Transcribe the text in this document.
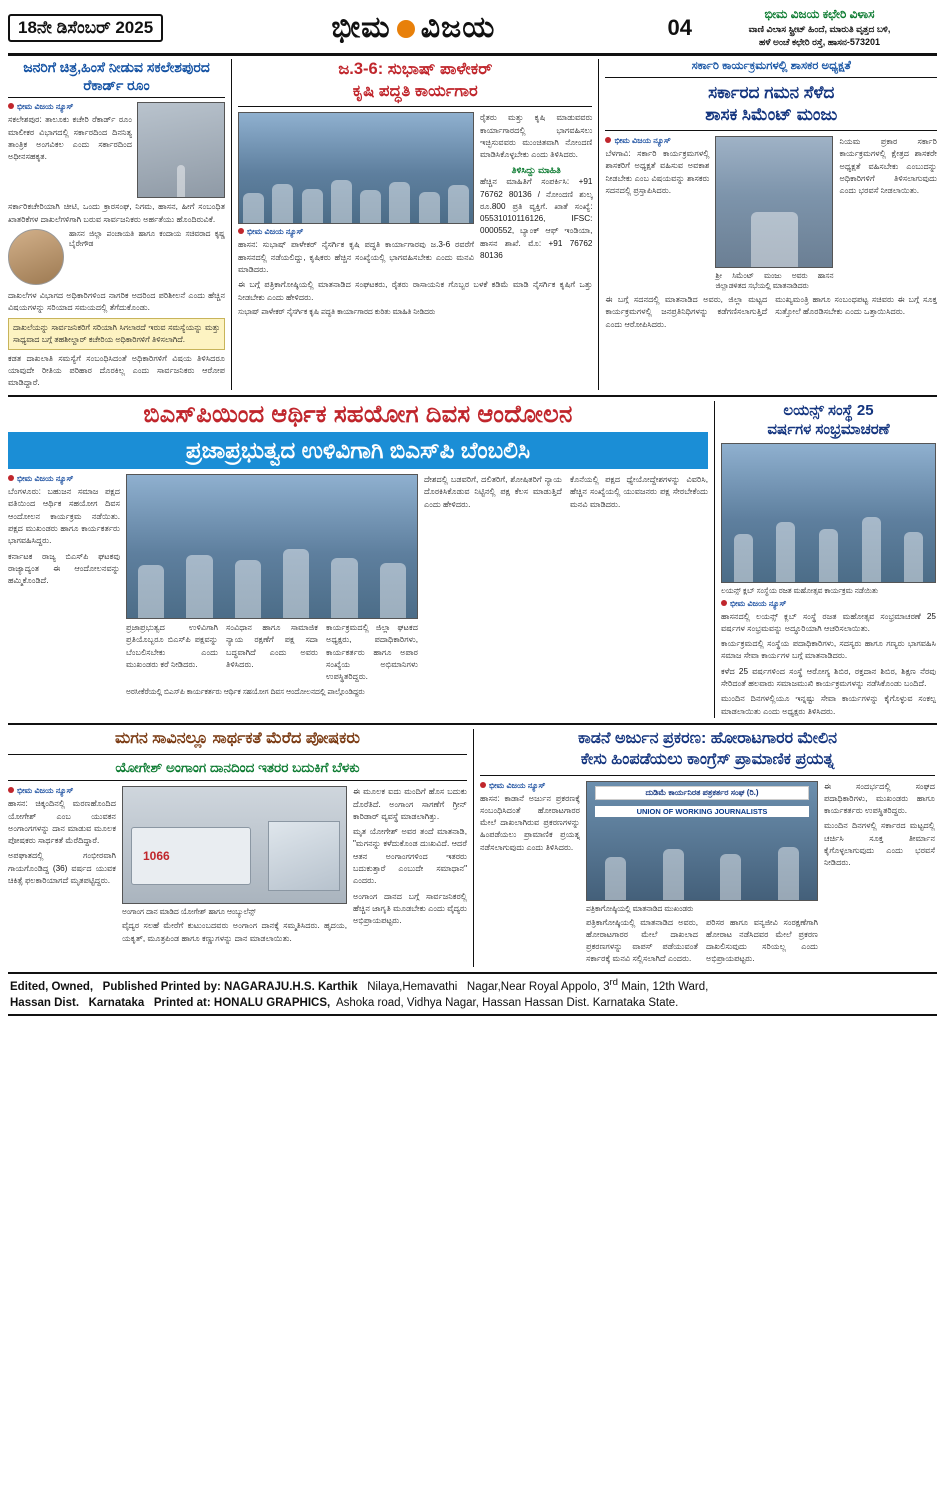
18ನೇ ಡಿಸೆಂಬರ್ 2025	ಭೀಮ ವಿಜಯ	04
ಭೀಮ ವಿಜಯ ಕಛೇರಿ ವಿಳಾಸ
ವಾಣಿ ವಿಲಾಸ ಸ್ಟ್ರೀಟ್ ಹಿಂದೆ, ಮಾರುತಿ ವೃತ್ತದ ಬಳಿ,
ಹಳೆ ಅಂಚೆ ಕಛೇರಿ ರಸ್ತೆ, ಹಾಸನ-573201
ಜನರಿಗೆ ಚಿತ್ರ,ಹಿಂಸೆ ನೀಡುವ ಸಕಲೇಶಪುರದ ರೆಕಾರ್ಡ್ ರೂಂ
ಭೀಮ ವಿಜಯ ನ್ಯೂಸ್
ಸಕಲೇಶಪುರ: ತಾಲೂಕು ಕಚೇರಿ ರೆಕಾರ್ಡ್ ರೂಂ ಮಾಲೀಕರ ವಿಭಾಗದಲ್ಲಿ ಸರ್ಕಾರದಿಂದ ದಿನನಿತ್ಯ ತಾಂತ್ರಿಕ ಅಂಗವಿಕಲ ಎಂದು ಸರ್ಕಾರದಿಂದ ಅಧೀನಸಹಕೃತ.
ಸರ್ಕಾರಿಕಚೇರಿಯಾಗಿ ಚೀಟಿ, ಒಂದು ಕ್ರಾರಸಂಘ, ನಿಗಮ, ಹಾಸನ, ಹೀಗೆ ಸಂಬಂಧಿತ ಖಾತರಿಕೆಗಳ ದಾಖಲೆಗಳಿಗಾಗಿ ಬರುವ ಸಾರ್ವಜನಿಕರು ಅರ್ಹತೆಯು ಹೊಂದಿರುವಿಕೆ.
ಹಾಸನ ಜಿಲ್ಲಾ ಪಂಚಾಯತಿ ಹಾಗೂ ಕಂದಾಯ ಸಚಿವರಾದ ಕೃಷ್ಣ ಬೈರೇಗೌಡ
ದಾಖಲೆಗಳ ವಿಭಾಗದ ಅಧಿಕಾರಿಗಳಿಂದ ನಾಗರಿಕ ಅದರಿಂದ ಪರಿಶೀಲನೆ ಎಂದು ಹೆಚ್ಚಿನ ವಿಷಯಗಳನ್ನು ಸರಿಯಾದ ಸಮಯದಲ್ಲಿ ತೆಗೆದುಕೊಂಡು.
ದಾಖಲೆಯನ್ನು ಸಾರ್ವಜನಿಕರಿಗೆ ಸರಿಯಾಗಿ ಸಿಗಲಾರದೆ ಇರುವ ಸಮಸ್ಯೆಯನ್ನು ಮತ್ತು ಸಾಧ್ಯವಾದ ಬಗ್ಗೆ ತಹಶೀಲ್ದಾರ್ ಕಚೇರಿಯ ಅಧಿಕಾರಿಗಳಿಗೆ ತಿಳಿಸಲಾಗಿದೆ.
ಕಡತ ದಾಖಲಾತಿ ಸಮಸ್ಯೆಗೆ ಸಂಬಂಧಿಸಿದಂತೆ ಅಧಿಕಾರಿಗಳಿಗೆ ವಿಷಯ ತಿಳಿಸಿದರೂ ಯಾವುದೇ ರೀತಿಯ ಪರಿಹಾರ ದೊರಕಿಲ್ಲ ಎಂದು ಸಾರ್ವಜನಿಕರು ಆರೋಪ ಮಾಡಿದ್ದಾರೆ.
ಜ.3-6: ಸುಭಾಷ್ ಪಾಳೇಕರ್
ಕೃಷಿ ಪದ್ಧತಿ ಕಾರ್ಯಗಾರ
ಭೀಮ ವಿಜಯ ನ್ಯೂಸ್
ಹಾಸನ: ಸುಭಾಷ್ ಪಾಳೇಕರ್ ನೈಸರ್ಗಿಕ ಕೃಷಿ ಪದ್ಧತಿ ಕಾರ್ಯಾಗಾರವು ಜ.3-6 ರವರೆಗೆ ಹಾಸನದಲ್ಲಿ ನಡೆಯಲಿದ್ದು, ಕೃಷಿಕರು ಹೆಚ್ಚಿನ ಸಂಖ್ಯೆಯಲ್ಲಿ ಭಾಗವಹಿಸಬೇಕು ಎಂದು ಮನವಿ ಮಾಡಿದರು.
ರೈತರು ಮತ್ತು ಕೃಷಿ ಮಾಡುವವರು ಕಾರ್ಯಾಗಾರದಲ್ಲಿ ಭಾಗವಹಿಸಲು ಇಚ್ಛಿಸುವವರು ಮುಂಚಿತವಾಗಿ ನೋಂದಣಿ ಮಾಡಿಸಿಕೊಳ್ಳಬೇಕು ಎಂದು ತಿಳಿಸಿದರು.
ತಿಳಿಸಿದ್ದು ಮಾಹಿತಿ
ಹೆಚ್ಚಿನ ಮಾಹಿತಿಗೆ ಸಂಪರ್ಕಿಸಿ: +91 76762 80136 / ನೋಂದಣಿ ಶುಲ್ಕ ರೂ.800 ಪ್ರತಿ ವ್ಯಕ್ತಿಗೆ. ಖಾತೆ ಸಂಖ್ಯೆ: 05531010116126, IFSC: 0000552, ಬ್ಯಾಂಕ್ ಆಫ್ ಇಂಡಿಯಾ, ಹಾಸನ ಶಾಖೆ. ಮೊ: +91 76762 80136
ಈ ಬಗ್ಗೆ ಪತ್ರಿಕಾಗೋಷ್ಠಿಯಲ್ಲಿ ಮಾತನಾಡಿದ ಸಂಘಟಕರು, ರೈತರು ರಾಸಾಯನಿಕ ಗೊಬ್ಬರ ಬಳಕೆ ಕಡಿಮೆ ಮಾಡಿ ನೈಸರ್ಗಿಕ ಕೃಷಿಗೆ ಒತ್ತು ನೀಡಬೇಕು ಎಂದು ಹೇಳಿದರು.
ಸುಭಾಷ್ ಪಾಳೇಕರ್ ನೈಸರ್ಗಿಕ ಕೃಷಿ ಪದ್ಧತಿ ಕಾರ್ಯಾಗಾರದ ಕುರಿತು ಮಾಹಿತಿ ನೀಡಿದರು
ಸರ್ಕಾರಿ ಕಾರ್ಯಕ್ರಮಗಳಲ್ಲಿ ಶಾಸಕರ ಅಧ್ಯಕ್ಷತೆ
ಸರ್ಕಾರದ ಗಮನ ಸೆಳೆದ
ಶಾಸಕ ಸಿಮೆಂಟ್ ಮಂಜು
ಭೀಮ ವಿಜಯ ನ್ಯೂಸ್
ಬೆಳಗಾವಿ: ಸರ್ಕಾರಿ ಕಾರ್ಯಕ್ರಮಗಳಲ್ಲಿ ಶಾಸಕರಿಗೆ ಅಧ್ಯಕ್ಷತೆ ವಹಿಸುವ ಅವಕಾಶ ನೀಡಬೇಕು ಎಂಬ ವಿಷಯವನ್ನು ಶಾಸಕರು ಸದನದಲ್ಲಿ ಪ್ರಸ್ತಾಪಿಸಿದರು.
ಶ್ರೀ ಸಿಮೆಂಟ್ ಮಂಜು ಅವರು ಹಾಸನ ಜಿಲ್ಲಾಡಳಿತದ ಸಭೆಯಲ್ಲಿ ಮಾತನಾಡಿದರು
ನಿಯಮ ಪ್ರಕಾರ ಸರ್ಕಾರಿ ಕಾರ್ಯಕ್ರಮಗಳಲ್ಲಿ ಕ್ಷೇತ್ರದ ಶಾಸಕರೇ ಅಧ್ಯಕ್ಷತೆ ವಹಿಸಬೇಕು ಎಂಬುದನ್ನು ಅಧಿಕಾರಿಗಳಿಗೆ ತಿಳಿಸಲಾಗುವುದು ಎಂದು ಭರವಸೆ ನೀಡಲಾಯಿತು.
ಈ ಬಗ್ಗೆ ಸದನದಲ್ಲಿ ಮಾತನಾಡಿದ ಅವರು, ಜಿಲ್ಲಾ ಮಟ್ಟದ ಕಾರ್ಯಕ್ರಮಗಳಲ್ಲಿ ಜನಪ್ರತಿನಿಧಿಗಳನ್ನು ಕಡೆಗಣಿಸಲಾಗುತ್ತಿದೆ ಎಂದು ಆರೋಪಿಸಿದರು.
ಮುಖ್ಯಮಂತ್ರಿ ಹಾಗೂ ಸಂಬಂಧಪಟ್ಟ ಸಚಿವರು ಈ ಬಗ್ಗೆ ಸೂಕ್ತ ಸುತ್ತೋಲೆ ಹೊರಡಿಸಬೇಕು ಎಂದು ಒತ್ತಾಯಿಸಿದರು.
ಬಿಎಸ್‌ಪಿಯಿಂದ ಆರ್ಥಿಕ ಸಹಯೋಗ ದಿವಸ ಆಂದೋಲನ
ಪ್ರಜಾಪ್ರಭುತ್ವದ ಉಳಿವಿಗಾಗಿ ಬಿಎಸ್‌ಪಿ ಬೆಂಬಲಿಸಿ
ಭೀಮ ವಿಜಯ ನ್ಯೂಸ್
ಬೆಂಗಳೂರು: ಬಹುಜನ ಸಮಾಜ ಪಕ್ಷದ ವತಿಯಿಂದ ಆರ್ಥಿಕ ಸಹಯೋಗ ದಿವಸ ಆಂದೋಲನ ಕಾರ್ಯಕ್ರಮ ನಡೆಯಿತು. ಪಕ್ಷದ ಮುಖಂಡರು ಹಾಗೂ ಕಾರ್ಯಕರ್ತರು ಭಾಗವಹಿಸಿದ್ದರು.
ಕರ್ನಾಟಕ ರಾಜ್ಯ ಬಿಎಸ್‌ಪಿ ಘಟಕವು ರಾಜ್ಯಾದ್ಯಂತ ಈ ಆಂದೋಲನವನ್ನು ಹಮ್ಮಿಕೊಂಡಿದೆ.
ಪ್ರಜಾಪ್ರಭುತ್ವದ ಉಳಿವಿಗಾಗಿ ಪ್ರತಿಯೊಬ್ಬರೂ ಬಿಎಸ್‌ಪಿ ಪಕ್ಷವನ್ನು ಬೆಂಬಲಿಸಬೇಕು ಎಂದು ಮುಖಂಡರು ಕರೆ ನೀಡಿದರು.
ಸಂವಿಧಾನ ಹಾಗೂ ಸಾಮಾಜಿಕ ನ್ಯಾಯ ರಕ್ಷಣೆಗೆ ಪಕ್ಷ ಸದಾ ಬದ್ಧವಾಗಿದೆ ಎಂದು ಅವರು ತಿಳಿಸಿದರು.
ಕಾರ್ಯಕ್ರಮದಲ್ಲಿ ಜಿಲ್ಲಾ ಘಟಕದ ಅಧ್ಯಕ್ಷರು, ಪದಾಧಿಕಾರಿಗಳು, ಕಾರ್ಯಕರ್ತರು ಹಾಗೂ ಅಪಾರ ಸಂಖ್ಯೆಯ ಅಭಿಮಾನಿಗಳು ಉಪಸ್ಥಿತರಿದ್ದರು.
ಅರಸೀಕೆರೆಯಲ್ಲಿ ಬಿಎಸ್‌ಪಿ ಕಾರ್ಯಕರ್ತರು ಆರ್ಥಿಕ ಸಹಯೋಗ ದಿವಸ ಆಂದೋಲನದಲ್ಲಿ ಪಾಲ್ಗೊಂಡಿದ್ದರು
ದೇಶದಲ್ಲಿ ಬಡವರಿಗೆ, ದಲಿತರಿಗೆ, ಶೋಷಿತರಿಗೆ ನ್ಯಾಯ ದೊರಕಿಸಿಕೊಡುವ ನಿಟ್ಟಿನಲ್ಲಿ ಪಕ್ಷ ಕೆಲಸ ಮಾಡುತ್ತಿದೆ ಎಂದು ಹೇಳಿದರು.
ಕೊನೆಯಲ್ಲಿ ಪಕ್ಷದ ಧ್ಯೇಯೋದ್ದೇಶಗಳನ್ನು ವಿವರಿಸಿ, ಹೆಚ್ಚಿನ ಸಂಖ್ಯೆಯಲ್ಲಿ ಯುವಜನರು ಪಕ್ಷ ಸೇರಬೇಕೆಂದು ಮನವಿ ಮಾಡಿದರು.
ಲಯನ್ಸ್ ಸಂಸ್ಥೆ 25
ವರ್ಷಗಳ ಸಂಭ್ರಮಾಚರಣೆ
ಲಯನ್ಸ್ ಕ್ಲಬ್ ಸಂಸ್ಥೆಯ ರಜತ ಮಹೋತ್ಸವ ಕಾರ್ಯಕ್ರಮ ನಡೆಯಿತು
ಭೀಮ ವಿಜಯ ನ್ಯೂಸ್
ಹಾಸನದಲ್ಲಿ ಲಯನ್ಸ್ ಕ್ಲಬ್ ಸಂಸ್ಥೆ ರಜತ ಮಹೋತ್ಸವ ಸಂಭ್ರಮಾಚರಣೆ 25 ವರ್ಷಗಳ ಸಂಭ್ರಮವನ್ನು ಅದ್ಧೂರಿಯಾಗಿ ಆಚರಿಸಲಾಯಿತು.
ಕಾರ್ಯಕ್ರಮದಲ್ಲಿ ಸಂಸ್ಥೆಯ ಪದಾಧಿಕಾರಿಗಳು, ಸದಸ್ಯರು ಹಾಗೂ ಗಣ್ಯರು ಭಾಗವಹಿಸಿ ಸಮಾಜ ಸೇವಾ ಕಾರ್ಯಗಳ ಬಗ್ಗೆ ಮಾತನಾಡಿದರು.
ಕಳೆದ 25 ವರ್ಷಗಳಿಂದ ಸಂಸ್ಥೆ ಆರೋಗ್ಯ ಶಿಬಿರ, ರಕ್ತದಾನ ಶಿಬಿರ, ಶಿಕ್ಷಣ ನೆರವು ಸೇರಿದಂತೆ ಹಲವಾರು ಸಮಾಜಮುಖಿ ಕಾರ್ಯಕ್ರಮಗಳನ್ನು ನಡೆಸಿಕೊಂಡು ಬಂದಿದೆ.
ಮುಂದಿನ ದಿನಗಳಲ್ಲಿಯೂ ಇನ್ನಷ್ಟು ಸೇವಾ ಕಾರ್ಯಗಳನ್ನು ಕೈಗೊಳ್ಳುವ ಸಂಕಲ್ಪ ಮಾಡಲಾಯಿತು ಎಂದು ಅಧ್ಯಕ್ಷರು ತಿಳಿಸಿದರು.
ಮಗನ ಸಾವಿನಲ್ಲೂ ಸಾರ್ಥಕತೆ ಮೆರೆದ ಪೋಷಕರು
ಯೋಗೇಶ್ ಅಂಗಾಂಗ ದಾನದಿಂದ ಇತರರ ಬದುಕಿಗೆ ಬೆಳಕು
ಭೀಮ ವಿಜಯ ನ್ಯೂಸ್
ಹಾಸನ: ಚಿಕ್ಕಂದಿನಲ್ಲಿ ಮರಣಹೊಂದಿದ ಯೋಗೇಶ್ ಎಂಬ ಯುವಕನ ಅಂಗಾಂಗಗಳನ್ನು ದಾನ ಮಾಡುವ ಮೂಲಕ ಪೋಷಕರು ಸಾರ್ಥಕತೆ ಮೆರೆದಿದ್ದಾರೆ.
ಅಪಘಾತದಲ್ಲಿ ಗಂಭೀರವಾಗಿ ಗಾಯಗೊಂಡಿದ್ದ (36) ವರ್ಷದ ಯುವಕ ಚಿಕಿತ್ಸೆ ಫಲಕಾರಿಯಾಗದೆ ಮೃತಪಟ್ಟಿದ್ದರು.
1066
ಅಂಗಾಂಗ ದಾನ ಮಾಡಿದ ಯೋಗೇಶ್ ಹಾಗೂ ಆಂಬ್ಯುಲೆನ್ಸ್
ವೈದ್ಯರ ಸಲಹೆ ಮೇರೆಗೆ ಕುಟುಂಬದವರು ಅಂಗಾಂಗ ದಾನಕ್ಕೆ ಸಮ್ಮತಿಸಿದರು. ಹೃದಯ, ಯಕೃತ್, ಮೂತ್ರಪಿಂಡ ಹಾಗೂ ಕಣ್ಣುಗಳನ್ನು ದಾನ ಮಾಡಲಾಯಿತು.
ಈ ಮೂಲಕ ಐದು ಮಂದಿಗೆ ಹೊಸ ಬದುಕು ದೊರೆತಿದೆ. ಅಂಗಾಂಗ ಸಾಗಣೆಗೆ ಗ್ರೀನ್ ಕಾರಿಡಾರ್ ವ್ಯವಸ್ಥೆ ಮಾಡಲಾಗಿತ್ತು.
ಮೃತ ಯೋಗೇಶ್ ಅವರ ತಂದೆ ಮಾತನಾಡಿ, "ಮಗನನ್ನು ಕಳೆದುಕೊಂಡ ದುಃಖವಿದೆ. ಆದರೆ ಆತನ ಅಂಗಾಂಗಗಳಿಂದ ಇತರರು ಬದುಕುತ್ತಾರೆ ಎಂಬುದೇ ಸಮಾಧಾನ" ಎಂದರು.
ಅಂಗಾಂಗ ದಾನದ ಬಗ್ಗೆ ಸಾರ್ವಜನಿಕರಲ್ಲಿ ಹೆಚ್ಚಿನ ಜಾಗೃತಿ ಮೂಡಬೇಕು ಎಂದು ವೈದ್ಯರು ಅಭಿಪ್ರಾಯಪಟ್ಟರು.
ಕಾಡನೆ ಅರ್ಜುನ ಪ್ರಕರಣ: ಹೋರಾಟಗಾರರ ಮೇಲಿನ
ಕೇಸು ಹಿಂಪಡೆಯಲು ಕಾಂಗ್ರೆಸ್ ಪ್ರಾಮಾಣಿಕ ಪ್ರಯತ್ನ
ಭೀಮ ವಿಜಯ ನ್ಯೂಸ್
ಹಾಸನ: ಕಾಡಾನೆ ಅರ್ಜುನ ಪ್ರಕರಣಕ್ಕೆ ಸಂಬಂಧಿಸಿದಂತೆ ಹೋರಾಟಗಾರರ ಮೇಲೆ ದಾಖಲಾಗಿರುವ ಪ್ರಕರಣಗಳನ್ನು ಹಿಂಪಡೆಯಲು ಪ್ರಾಮಾಣಿಕ ಪ್ರಯತ್ನ ನಡೆಸಲಾಗುವುದು ಎಂದು ತಿಳಿಸಿದರು.
ದುಡಿಮೆ ಕಾರ್ಯನಿರತ ಪತ್ರಕರ್ತರ ಸಂಘ (ರಿ.)
UNION OF WORKING JOURNALISTS
ಪತ್ರಿಕಾಗೋಷ್ಠಿಯಲ್ಲಿ ಮಾತನಾಡಿದ ಮುಖಂಡರು
ಪತ್ರಿಕಾಗೋಷ್ಠಿಯಲ್ಲಿ ಮಾತನಾಡಿದ ಅವರು, ಹೋರಾಟಗಾರರ ಮೇಲೆ ದಾಖಲಾದ ಪ್ರಕರಣಗಳನ್ನು ವಾಪಸ್ ಪಡೆಯುವಂತೆ ಸರ್ಕಾರಕ್ಕೆ ಮನವಿ ಸಲ್ಲಿಸಲಾಗಿದೆ ಎಂದರು.
ಪರಿಸರ ಹಾಗೂ ವನ್ಯಜೀವಿ ಸಂರಕ್ಷಣೆಗಾಗಿ ಹೋರಾಟ ನಡೆಸಿದವರ ಮೇಲೆ ಪ್ರಕರಣ ದಾಖಲಿಸುವುದು ಸರಿಯಲ್ಲ ಎಂದು ಅಭಿಪ್ರಾಯಪಟ್ಟರು.
ಈ ಸಂದರ್ಭದಲ್ಲಿ ಸಂಘದ ಪದಾಧಿಕಾರಿಗಳು, ಮುಖಂಡರು ಹಾಗೂ ಕಾರ್ಯಕರ್ತರು ಉಪಸ್ಥಿತರಿದ್ದರು.
ಮುಂದಿನ ದಿನಗಳಲ್ಲಿ ಸರ್ಕಾರದ ಮಟ್ಟದಲ್ಲಿ ಚರ್ಚಿಸಿ ಸೂಕ್ತ ತೀರ್ಮಾನ ಕೈಗೊಳ್ಳಲಾಗುವುದು ಎಂದು ಭರವಸೆ ನೀಡಿದರು.
Edited, Owned, Published Printed by: NAGARAJU.H.S. Karthik Nilaya,Hemavathi Nagar,Near Royal Appolo, 3rd Main, 12th Ward,
Hassan Dist. Karnataka Printed at: HONALU GRAPHICS, Ashoka road, Vidhya Nagar, Hassan Hassan Dist. Karnataka State.
